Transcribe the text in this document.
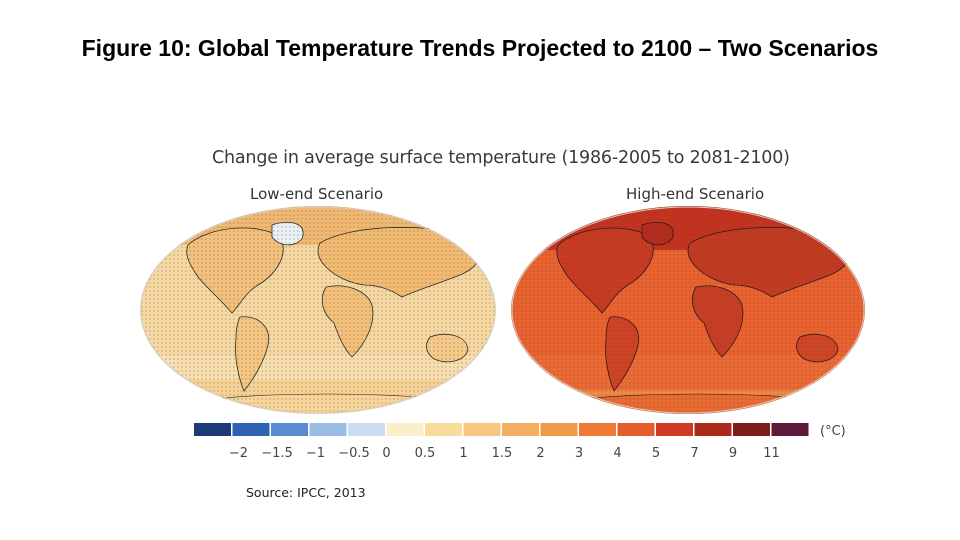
Figure 10: Global Temperature Trends Projected to 2100 – Two Scenarios
Change in average surface temperature (1986-2005 to 2081-2100)
Low-end Scenario	High-end Scenario
−2 −1.5 −1 −0.5 0 0.5 1 1.5 2 3 4 5 7 9 11
(°C)
Source: IPCC, 2013
